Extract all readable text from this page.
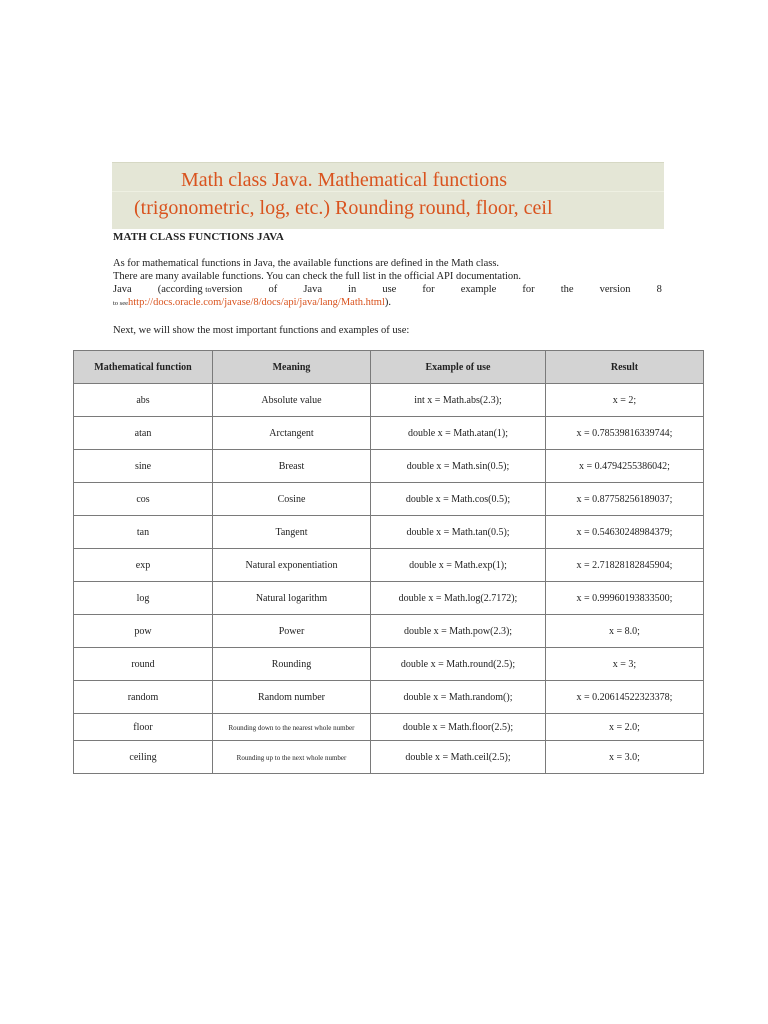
Math class Java. Mathematical functions
(trigonometric, log, etc.) Rounding round, floor, ceil
MATH CLASS FUNCTIONS JAVA
As for mathematical functions in Java, the available functions are defined in the Math class.
There are many available functions. You can check the full list in the official API documentation.
Java (according toversion of Java in use for example for the version 8
to seehttp://docs.oracle.com/javase/8/docs/api/java/lang/Math.html).
Next, we will show the most important functions and examples of use:
Mathematical function	Meaning	Example of use	Result
abs	Absolute value	int x = Math.abs(2.3);	x = 2;
atan	Arctangent	double x = Math.atan(1);	x = 0.78539816339744;
sine	Breast	double x = Math.sin(0.5);	x = 0.4794255386042;
cos	Cosine	double x = Math.cos(0.5);	x = 0.87758256189037;
tan	Tangent	double x = Math.tan(0.5);	x = 0.54630248984379;
exp	Natural exponentiation	double x = Math.exp(1);	x = 2.71828182845904;
log	Natural logarithm	double x = Math.log(2.7172);	x = 0.99960193833500;
pow	Power	double x = Math.pow(2.3);	x = 8.0;
round	Rounding	double x = Math.round(2.5);	x = 3;
random	Random number	double x = Math.random();	x = 0.20614522323378;
floor	Rounding down to the nearest whole number	double x = Math.floor(2.5);	x = 2.0;
ceiling	Rounding up to the next whole number	double x = Math.ceil(2.5);	x = 3.0;
